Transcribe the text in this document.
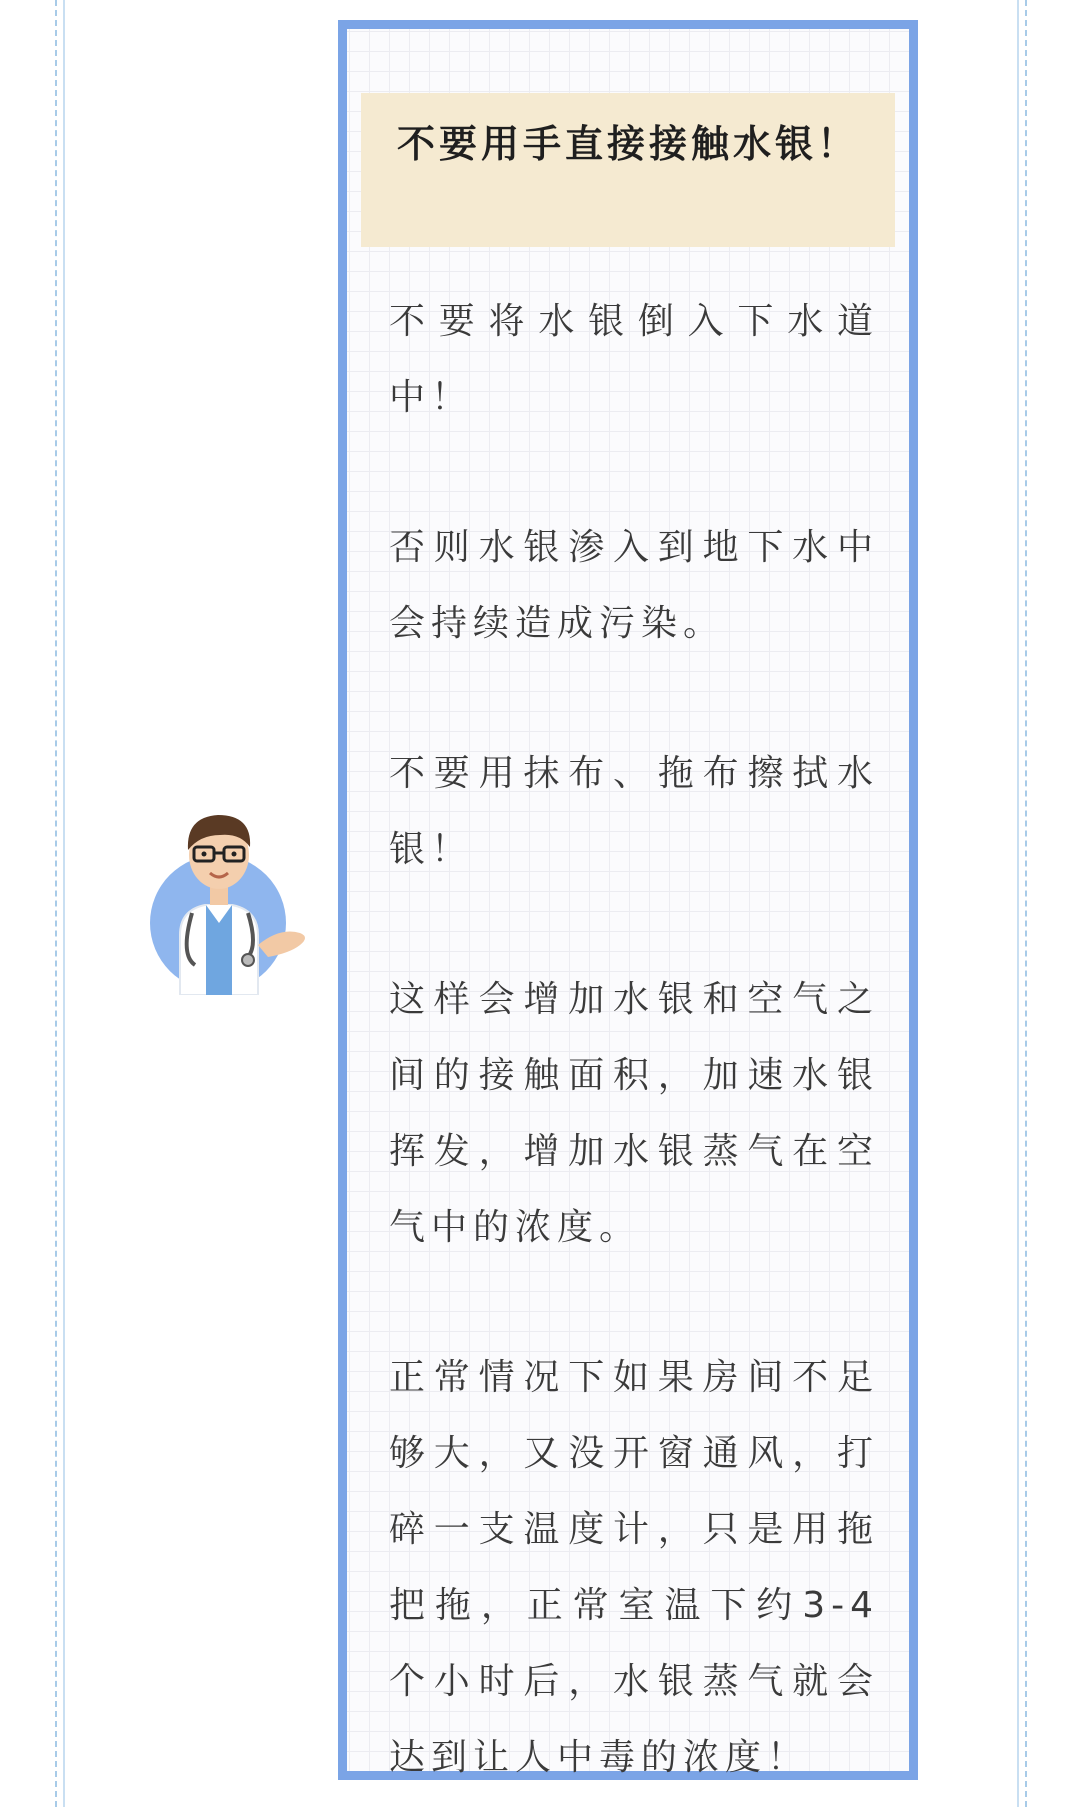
不要用手直接接触水银！

不要将水银倒入下水道中！

否则水银渗入到地下水中会持续造成污染。

不要用抹布、拖布擦拭水银！

这样会增加水银和空气之间的接触面积，加速水银挥发，增加水银蒸气在空气中的浓度。

正常情况下如果房间不足够大，又没开窗通风，打碎一支温度计，只是用拖把拖，正常室温下约3-4个小时后，水银蒸气就会达到让人中毒的浓度！
